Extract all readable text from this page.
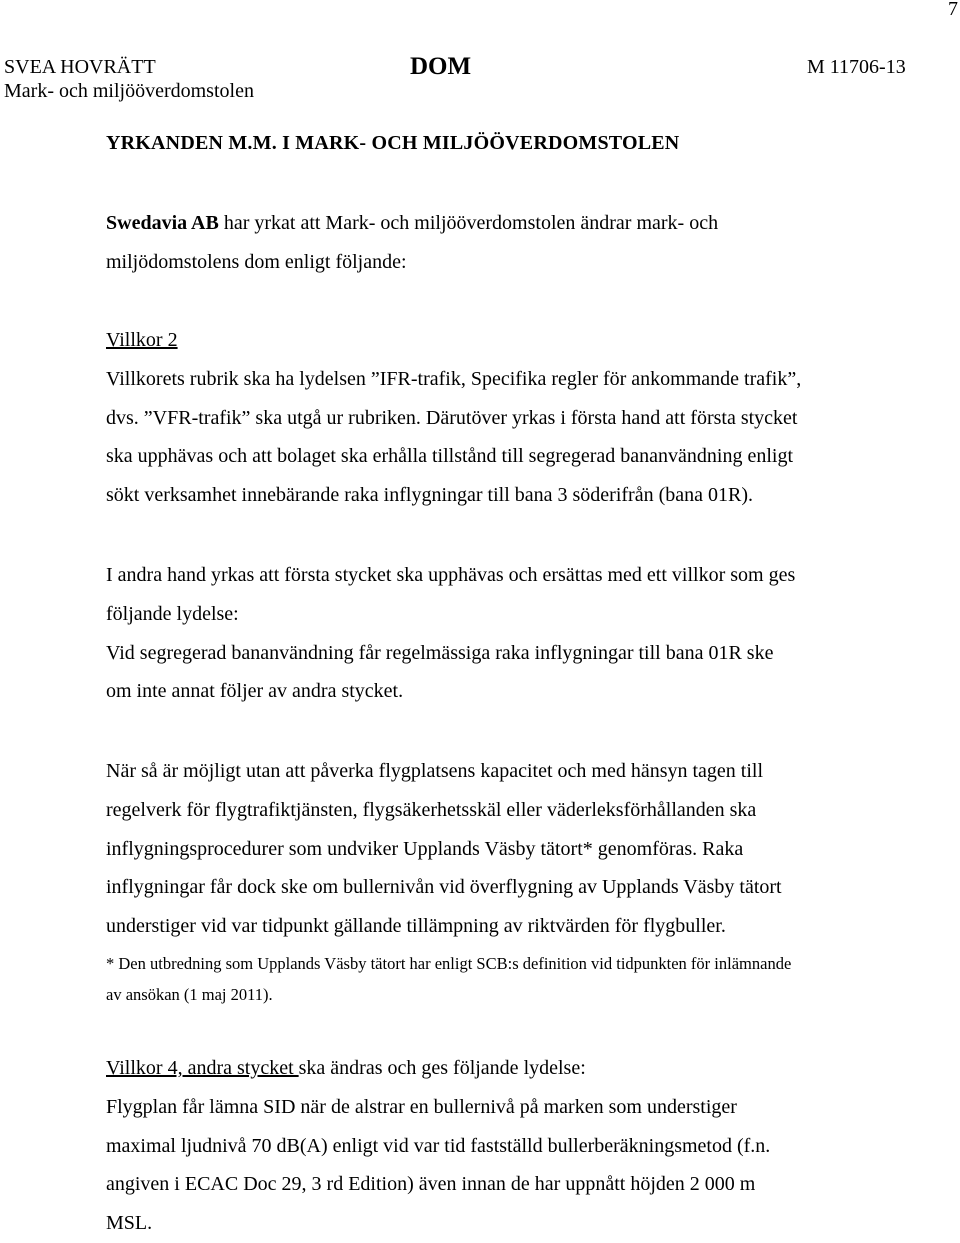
7
SVEA HOVRÄTT
Mark- och miljööverdomstolen
DOM	M 11706-13
YRKANDEN M.M. I MARK- OCH MILJÖÖVERDOMSTOLEN
Swedavia AB har yrkat att Mark- och miljööverdomstolen ändrar mark- och
miljödomstolens dom enligt följande:
Villkor 2
Villkorets rubrik ska ha lydelsen ”IFR-trafik, Specifika regler för ankommande trafik”,
dvs. ”VFR-trafik” ska utgå ur rubriken. Därutöver yrkas i första hand att första stycket
ska upphävas och att bolaget ska erhålla tillstånd till segregerad bananvändning enligt
sökt verksamhet innebärande raka inflygningar till bana 3 söderifrån (bana 01R).
I andra hand yrkas att första stycket ska upphävas och ersättas med ett villkor som ges
följande lydelse:
Vid segregerad bananvändning får regelmässiga raka inflygningar till bana 01R ske
om inte annat följer av andra stycket.
När så är möjligt utan att påverka flygplatsens kapacitet och med hänsyn tagen till
regelverk för flygtrafiktjänsten, flygsäkerhetsskäl eller väderleksförhållanden ska
inflygningsprocedurer som undviker Upplands Väsby tätort* genomföras. Raka
inflygningar får dock ske om bullernivån vid överflygning av Upplands Väsby tätort
understiger vid var tidpunkt gällande tillämpning av riktvärden för flygbuller.
* Den utbredning som Upplands Väsby tätort har enligt SCB:s definition vid tidpunkten för inlämnande
av ansökan (1 maj 2011).
Villkor 4, andra stycket ska ändras och ges följande lydelse:
Flygplan får lämna SID när de alstrar en bullernivå på marken som understiger
maximal ljudnivå 70 dB(A) enligt vid var tid fastställd bullerberäkningsmetod (f.n.
angiven i ECAC Doc 29, 3 rd Edition) även innan de har uppnått höjden 2 000 m
MSL.
